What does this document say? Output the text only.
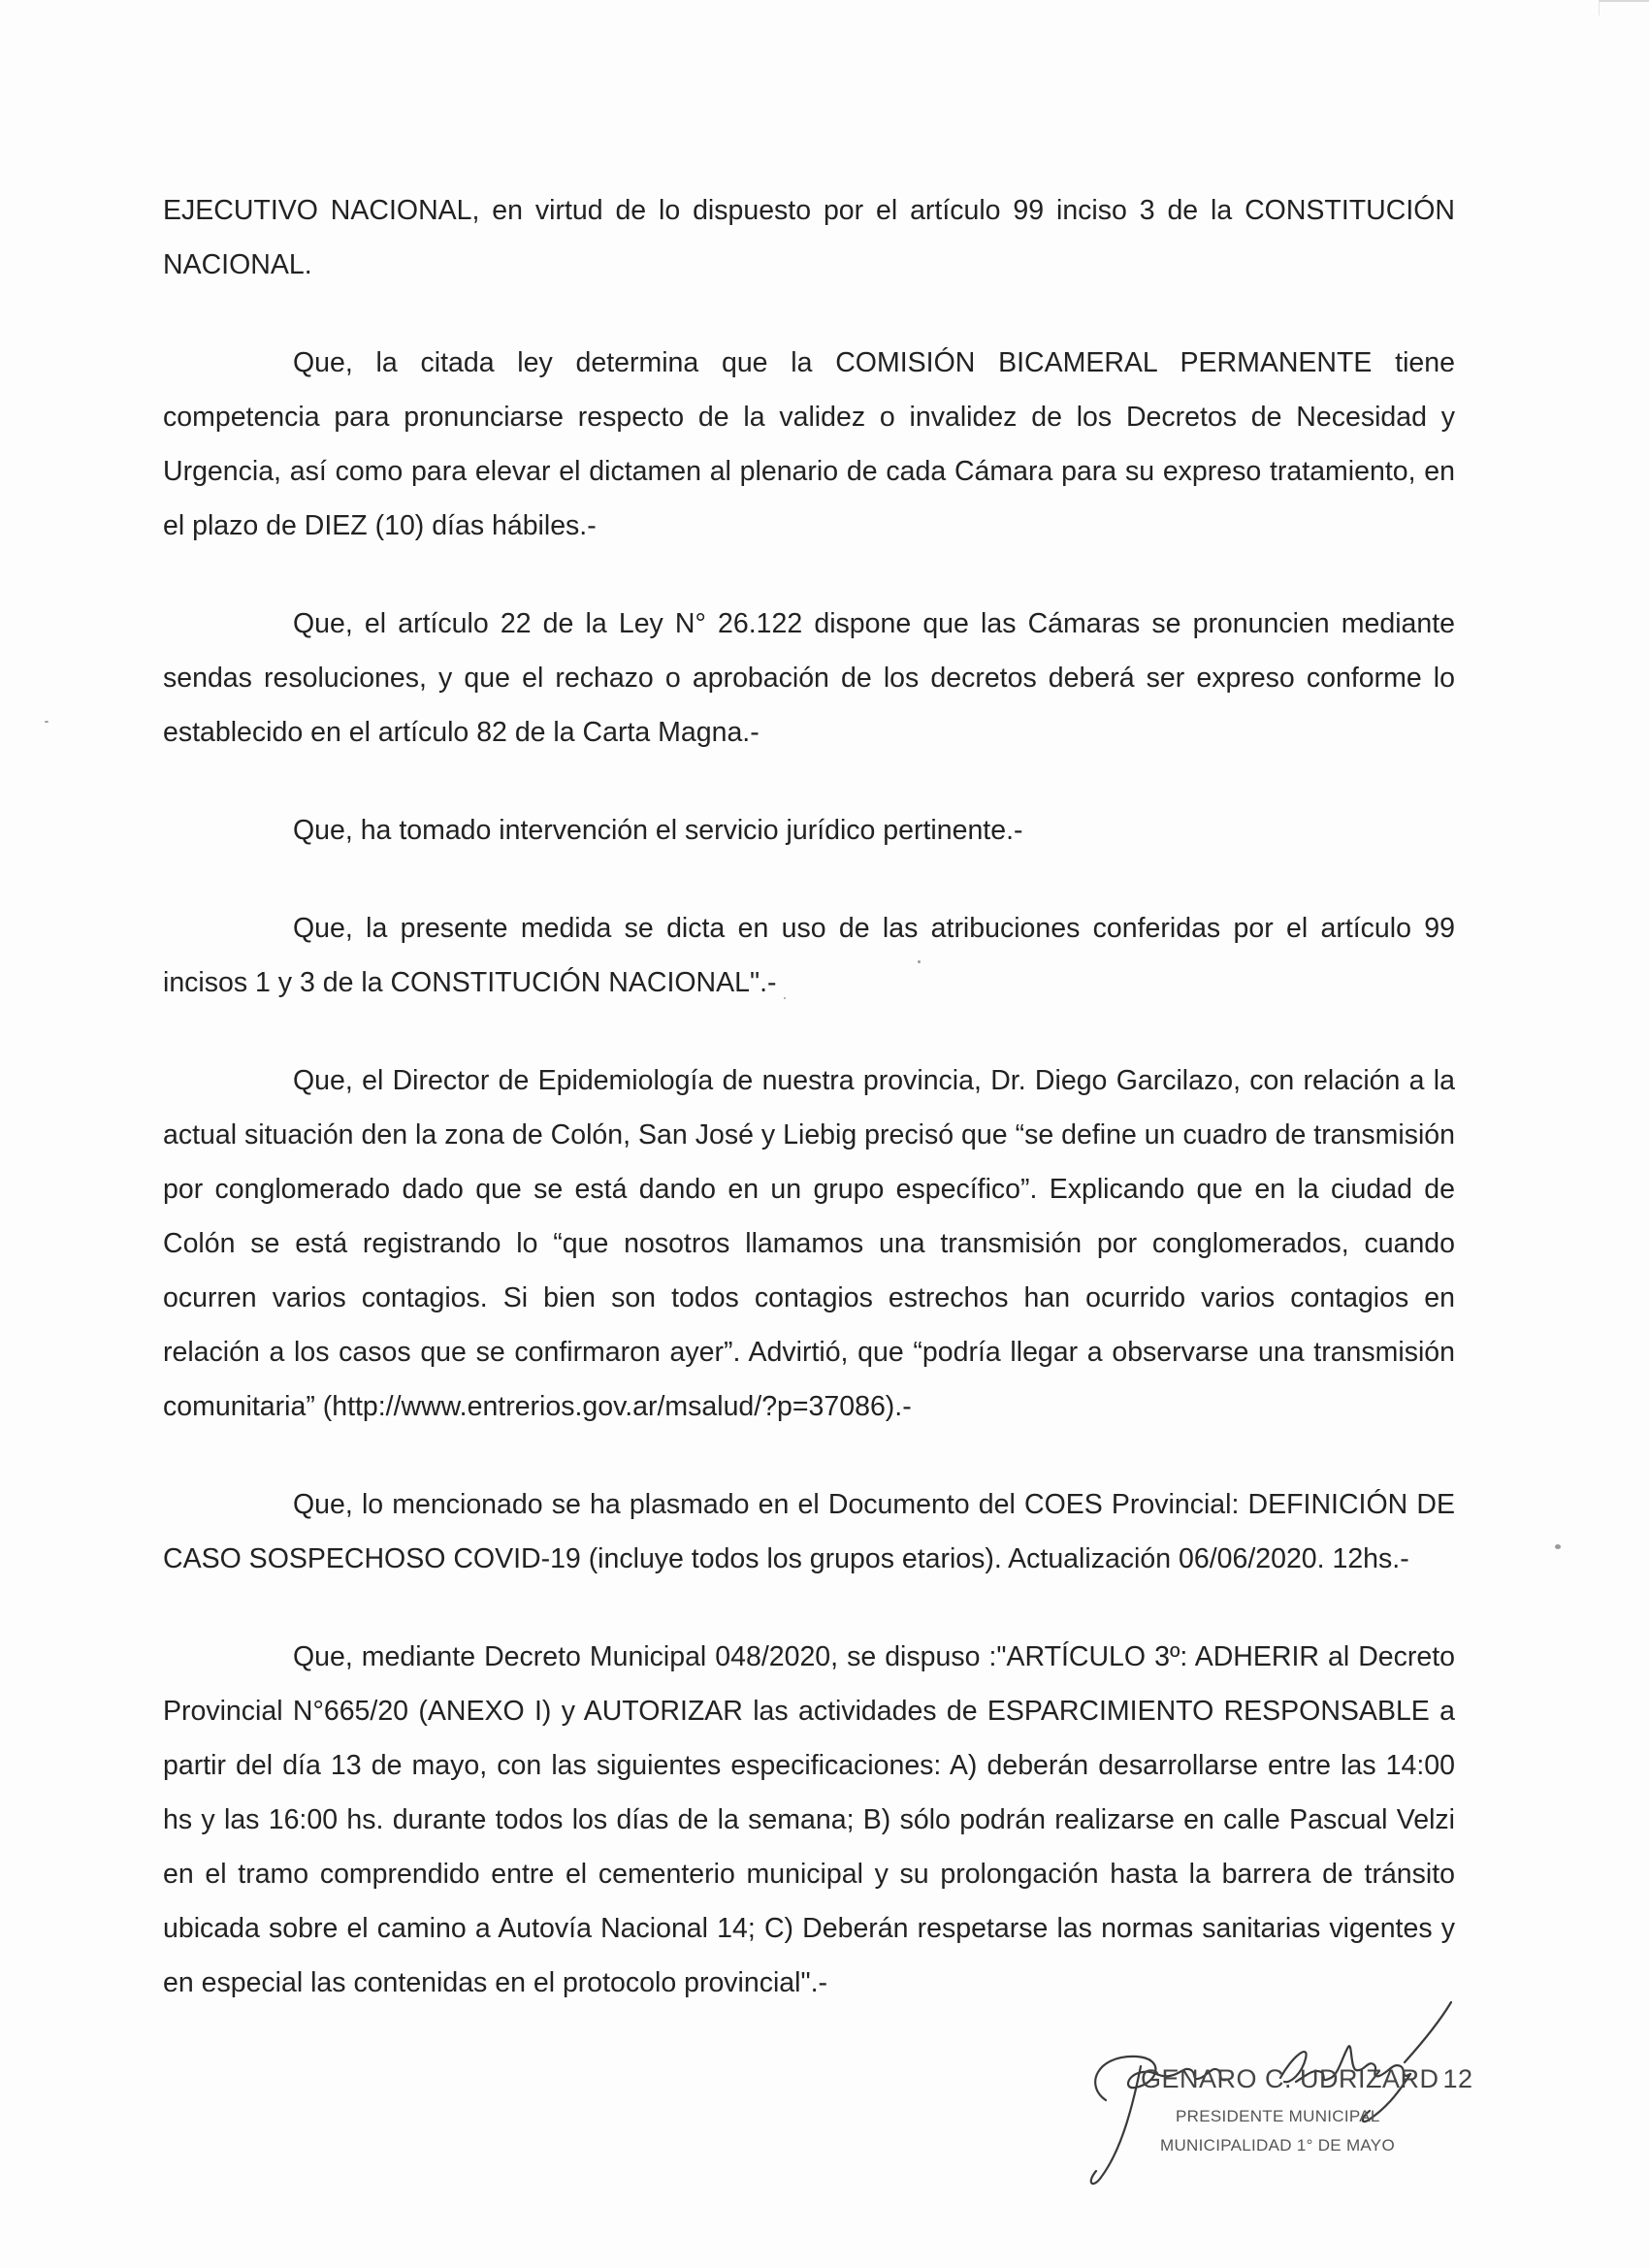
EJECUTIVO NACIONAL, en virtud de lo dispuesto por el artículo 99 inciso 3 de la CONSTITUCIÓN NACIONAL.

Que, la citada ley determina que la COMISIÓN BICAMERAL PERMANENTE tiene competencia para pronunciarse respecto de la validez o invalidez de los Decretos de Necesidad y Urgencia, así como para elevar el dictamen al plenario de cada Cámara para su expreso tratamiento, en el plazo de DIEZ (10) días hábiles.-

Que, el artículo 22 de la Ley N° 26.122 dispone que las Cámaras se pronuncien mediante sendas resoluciones, y que el rechazo o aprobación de los decretos deberá ser expreso conforme lo establecido en el artículo 82 de la Carta Magna.-

Que, ha tomado intervención el servicio jurídico pertinente.-

Que, la presente medida se dicta en uso de las atribuciones conferidas por el artículo 99 incisos 1 y 3 de la CONSTITUCIÓN NACIONAL".-

Que, el Director de Epidemiología de nuestra provincia, Dr. Diego Garcilazo, con relación a la actual situación den la zona de Colón, San José y Liebig precisó que “se define un cuadro de transmisión por conglomerado dado que se está dando en un grupo específico”. Explicando que en la ciudad de Colón se está registrando lo “que nosotros llamamos una transmisión por conglomerados, cuando ocurren varios contagios. Si bien son todos contagios estrechos han ocurrido varios contagios en relación a los casos que se confirmaron ayer”. Advirtió, que “podría llegar a observarse una transmisión comunitaria” (http://www.entrerios.gov.ar/msalud/?p=37086).-

Que, lo mencionado se ha plasmado en el Documento del COES Provincial: DEFINICIÓN DE CASO SOSPECHOSO COVID-19 (incluye todos los grupos etarios). Actualización 06/06/2020. 12hs.-

Que, mediante Decreto Municipal 048/2020, se dispuso :"ARTÍCULO 3º: ADHERIR al Decreto Provincial N°665/20 (ANEXO I) y AUTORIZAR las actividades de ESPARCIMIENTO RESPONSABLE a partir del día 13 de mayo, con las siguientes especificaciones: A) deberán desarrollarse entre las 14:00 hs y las 16:00 hs. durante todos los días de la semana; B) sólo podrán realizarse en calle Pascual Velzi en el tramo comprendido entre el cementerio municipal y su prolongación hasta la barrera de tránsito ubicada sobre el camino a Autovía Nacional 14; C) Deberán respetarse las normas sanitarias vigentes y en especial las contenidas en el protocolo provincial".-

GENARO C. UDRIZARD 12
PRESIDENTE MUNICIPAL
MUNICIPALIDAD 1° DE MAYO
